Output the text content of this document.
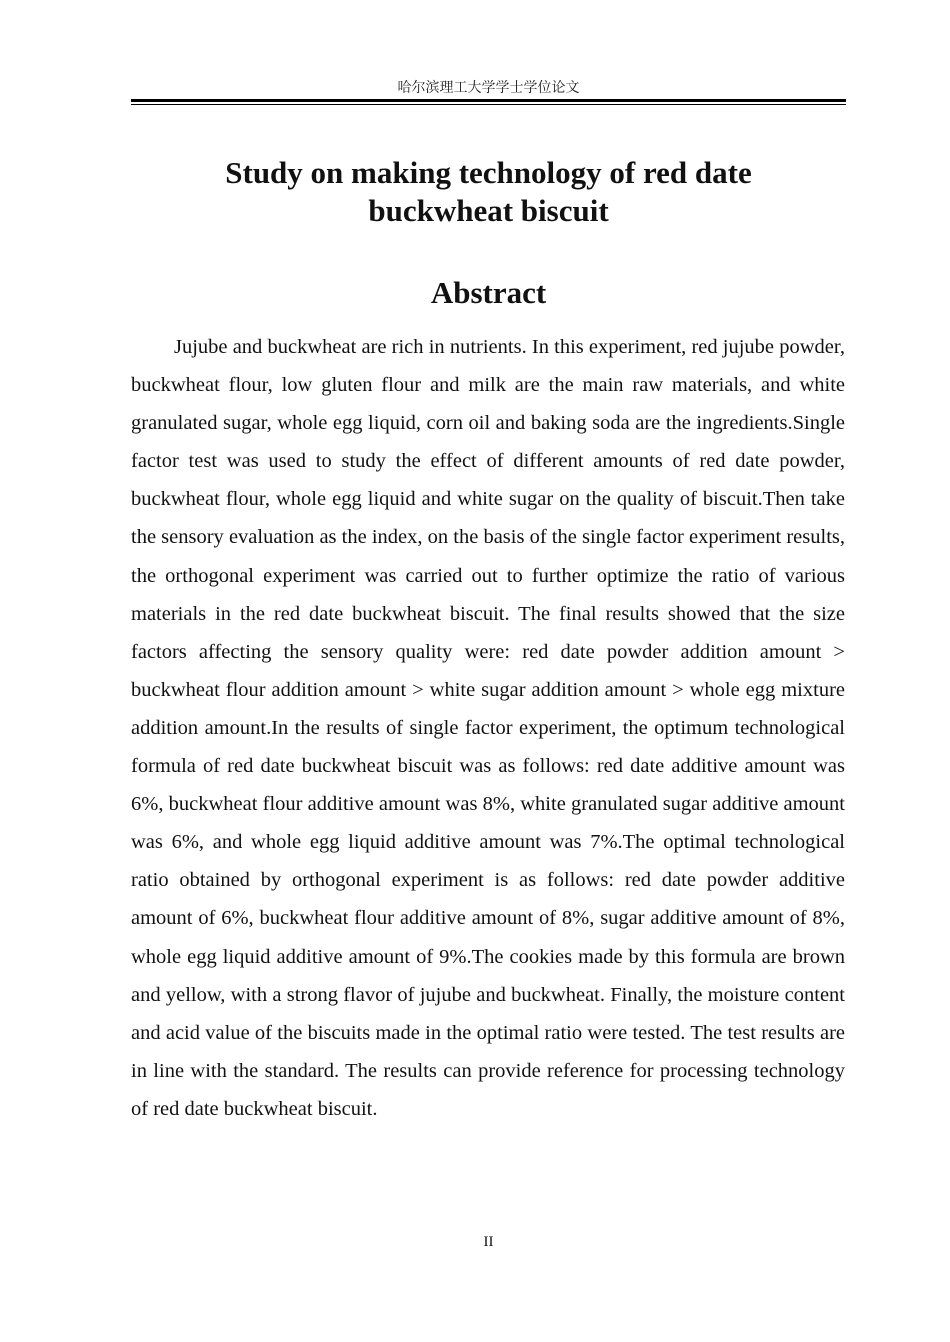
哈尔滨理工大学学士学位论文
Study on making technology of red date
buckwheat biscuit
Abstract

Jujube and buckwheat are rich in nutrients. In this experiment, red jujube powder, buckwheat flour, low gluten flour and milk are the main raw materials, and white granulated sugar, whole egg liquid, corn oil and baking soda are the ingredients.Single factor test was used to study the effect of different amounts of red date powder, buckwheat flour, whole egg liquid and white sugar on the quality of biscuit.Then take the sensory evaluation as the index, on the basis of the single factor experiment results, the orthogonal experiment was carried out to further optimize the ratio of various materials in the red date buckwheat biscuit. The final results showed that the size factors affecting the sensory quality were: red date powder addition amount > buckwheat flour addition amount > white sugar addition amount > whole egg mixture addition amount.In the results of single factor experiment, the optimum technological formula of red date buckwheat biscuit was as follows: red date additive amount was 6%, buckwheat flour additive amount was 8%, white granulated sugar additive amount was 6%, and whole egg liquid additive amount was 7%.The optimal technological ratio obtained by orthogonal experiment is as follows: red date powder additive amount of 6%, buckwheat flour additive amount of 8%, sugar additive amount of 8%, whole egg liquid additive amount of 9%.The cookies made by this formula are brown and yellow, with a strong flavor of jujube and buckwheat. Finally, the moisture content and acid value of the biscuits made in the optimal ratio were tested. The test results are in line with the standard. The results can provide reference for processing technology of red date buckwheat biscuit.

II
